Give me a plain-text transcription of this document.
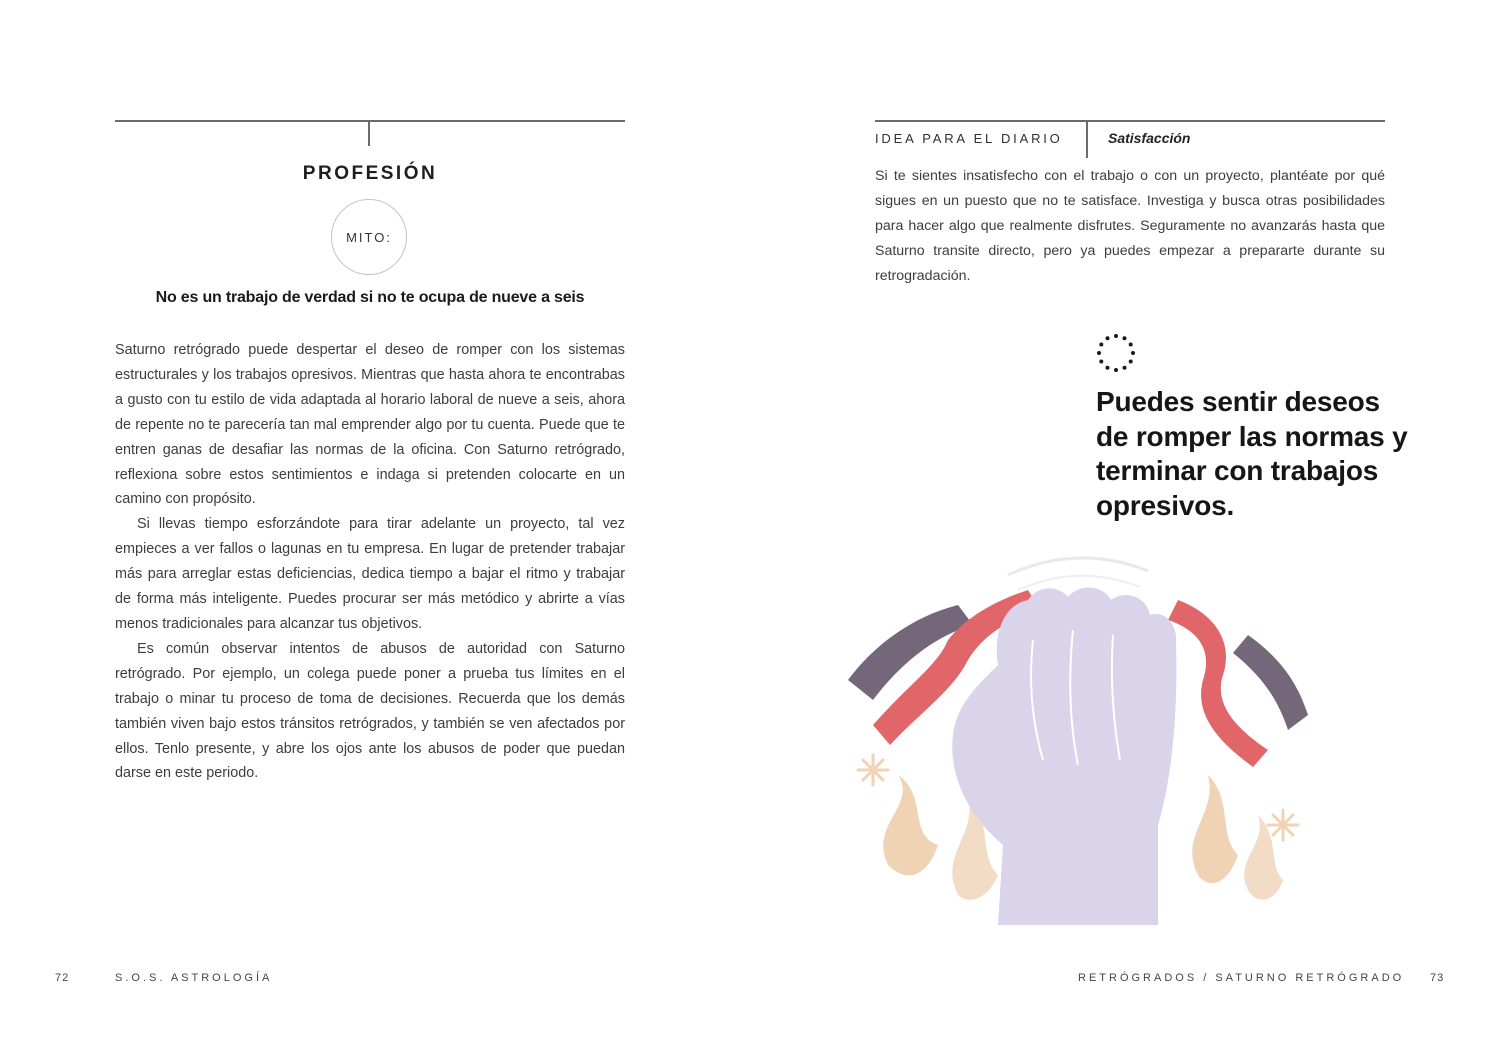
PROFESIÓN
MITO:
No es un trabajo de verdad si no te ocupa de nueve a seis

Saturno retrógrado puede despertar el deseo de romper con los sistemas estructurales y los trabajos opresivos. Mientras que hasta ahora te encontrabas a gusto con tu estilo de vida adaptada al horario laboral de nueve a seis, ahora de repente no te parecería tan mal emprender algo por tu cuenta. Puede que te entren ganas de desafiar las normas de la oficina. Con Saturno retrógrado, reflexiona sobre estos sentimientos e indaga si pretenden colocarte en un camino con propósito.

Si llevas tiempo esforzándote para tirar adelante un proyecto, tal vez empieces a ver fallos o lagunas en tu empresa. En lugar de pretender trabajar más para arreglar estas deficiencias, dedica tiempo a bajar el ritmo y trabajar de forma más inteligente. Puedes procurar ser más metódico y abrirte a vías menos tradicionales para alcanzar tus objetivos.

Es común observar intentos de abusos de autoridad con Saturno retrógrado. Por ejemplo, un colega puede poner a prueba tus límites en el trabajo o minar tu proceso de toma de decisiones. Recuerda que los demás también viven bajo estos tránsitos retrógrados, y también se ven afectados por ellos. Tenlo presente, y abre los ojos ante los abusos de poder que puedan darse en este periodo.

72	S.O.S. ASTROLOGÍA
IDEA PARA EL DIARIO	Satisfacción

Si te sientes insatisfecho con el trabajo o con un proyecto, plantéate por qué sigues en un puesto que no te satisface. Investiga y busca otras posibilidades para hacer algo que realmente disfrutes. Seguramente no avanzarás hasta que Saturno transite directo, pero ya puedes empezar a prepararte durante su retrogradación.

Puedes sentir deseos de romper las normas y terminar con trabajos opresivos.
RETRÓGRADOS / SATURNO RETRÓGRADO 73
